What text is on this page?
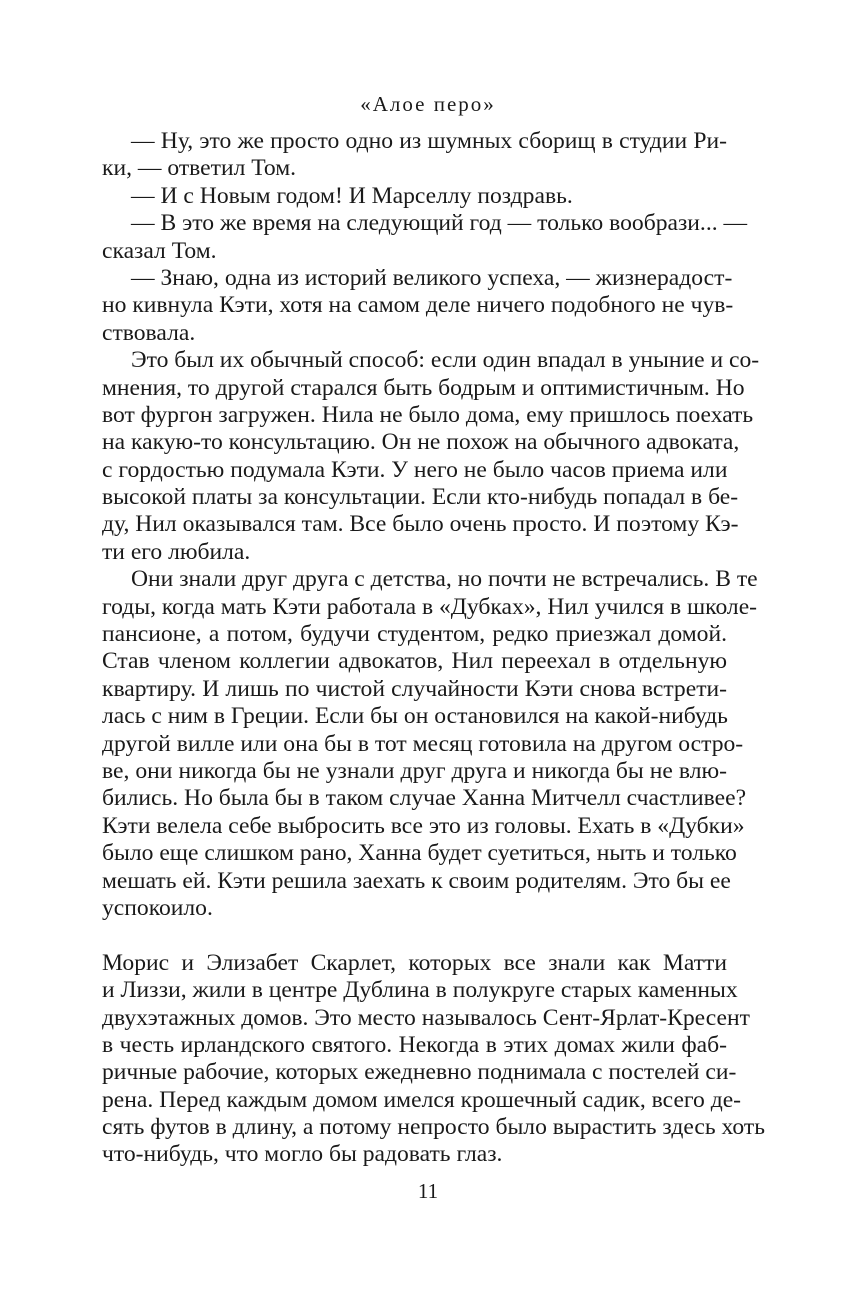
«Алое перо»
— Ну, это же просто одно из шумных сборищ в студии Ри-
ки, — ответил Том.
— И с Новым годом! И Марселлу поздравь.
— В это же время на следующий год — только вообрази... —
сказал Том.
— Знаю, одна из историй великого успеха, — жизнерадост-
но кивнула Кэти, хотя на самом деле ничего подобного не чув-
ствовала.
Это был их обычный способ: если один впадал в уныние и со-
мнения, то другой старался быть бодрым и оптимистичным. Но
вот фургон загружен. Нила не было дома, ему пришлось поехать
на какую-то консультацию. Он не похож на обычного адвоката,
с гордостью подумала Кэти. У него не было часов приема или
высокой платы за консультации. Если кто-нибудь попадал в бе-
ду, Нил оказывался там. Все было очень просто. И поэтому Кэ-
ти его любила.
Они знали друг друга с детства, но почти не встречались. В те
годы, когда мать Кэти работала в «Дубках», Нил учился в школе-
пансионе, а потом, будучи студентом, редко приезжал домой.
Став членом коллегии адвокатов, Нил переехал в отдельную
квартиру. И лишь по чистой случайности Кэти снова встрети-
лась с ним в Греции. Если бы он остановился на какой-нибудь
другой вилле или она бы в тот месяц готовила на другом остро-
ве, они никогда бы не узнали друг друга и никогда бы не влю-
бились. Но была бы в таком случае Ханна Митчелл счастливее?
Кэти велела себе выбросить все это из головы. Ехать в «Дубки»
было еще слишком рано, Ханна будет суетиться, ныть и только
мешать ей. Кэти решила заехать к своим родителям. Это бы ее
успокоило.
Морис и Элизабет Скарлет, которых все знали как Матти
и Лиззи, жили в центре Дублина в полукруге старых каменных
двухэтажных домов. Это место называлось Сент-Ярлат-Кресент
в честь ирландского святого. Некогда в этих домах жили фаб-
ричные рабочие, которых ежедневно поднимала с постелей си-
рена. Перед каждым домом имелся крошечный садик, всего де-
сять футов в длину, а потому непросто было вырастить здесь хоть
что-нибудь, что могло бы радовать глаз.
11
